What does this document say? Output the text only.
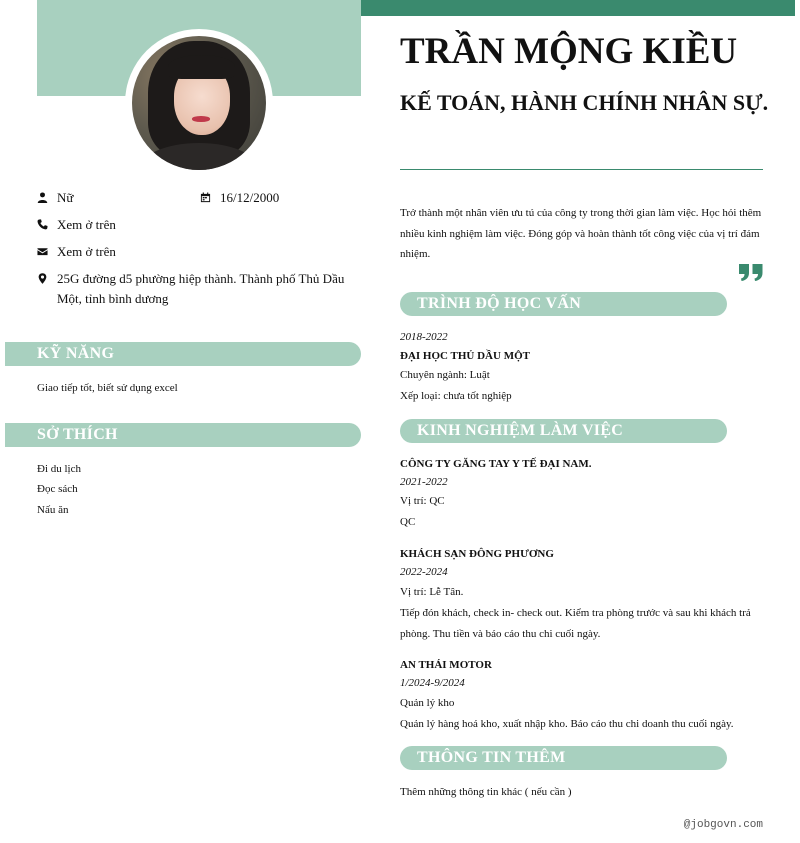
Nữ	16/12/2000
Xem ở trên
Xem ở trên
25G đường d5 phường hiệp thành. Thành phố Thủ Dầu Một, tỉnh bình dương
KỸ NĂNG
Giao tiếp tốt, biết sử dụng excel
SỞ THÍCH
Đi du lịch
Đọc sách
Nấu ăn
TRẦN MỘNG KIỀU
KẾ TOÁN, HÀNH CHÍNH NHÂN SỰ.
Trở thành một nhân viên ưu tú của công ty trong thời gian làm việc. Học hỏi thêm nhiều kinh nghiệm làm việc. Đóng góp và hoàn thành tốt công việc của vị trí đảm nhiệm.
TRÌNH ĐỘ HỌC VẤN
2018-2022
ĐẠI HỌC THỦ DẦU MỘT
Chuyên ngành: Luật
Xếp loại: chưa tốt nghiệp
KINH NGHIỆM LÀM VIỆC
CÔNG TY GĂNG TAY Y TẾ ĐẠI NAM.
2021-2022
Vị trí: QC
QC
KHÁCH SẠN ĐÔNG PHƯƠNG
2022-2024
Vị trí: Lễ Tân.
Tiếp đón khách, check in- check out. Kiểm tra phòng trước và sau khi khách trả phòng. Thu tiền và báo cáo thu chi cuối ngày.
AN THÁI MOTOR
1/2024-9/2024
Quản lý kho
Quản lý hàng hoá kho, xuất nhập kho. Báo cáo thu chi doanh thu cuối ngày.
THÔNG TIN THÊM
Thêm những thông tin khác ( nếu cần )
@jobgovn.com
